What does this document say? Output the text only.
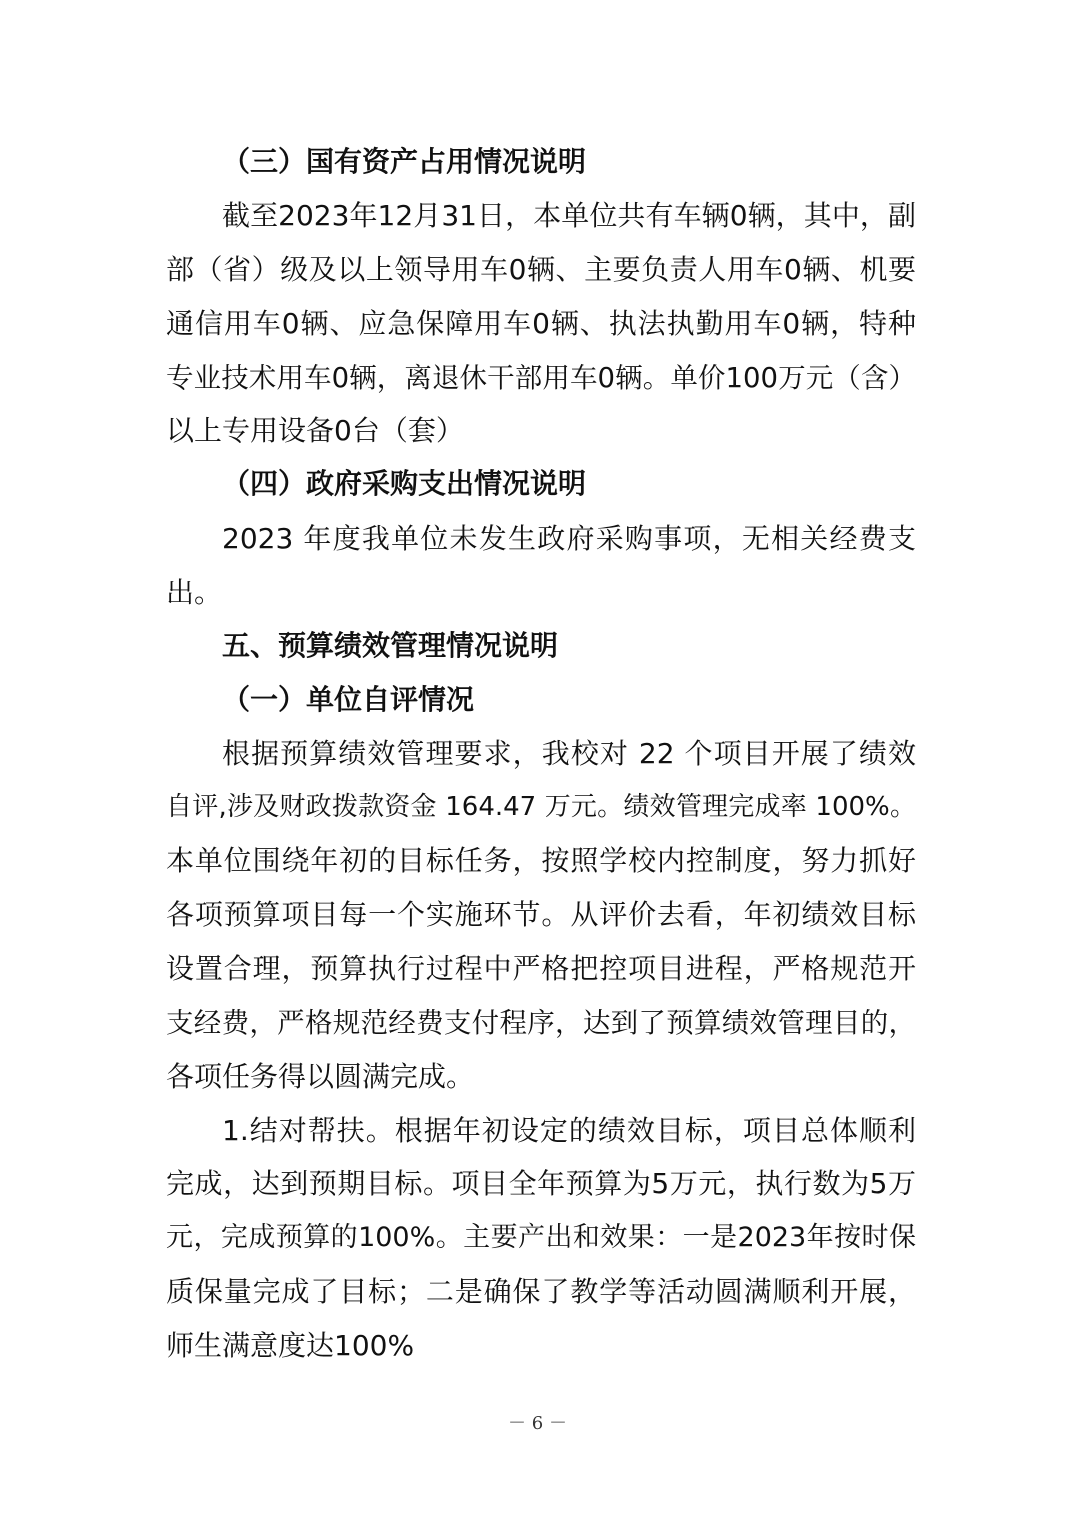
（三）国有资产占用情况说明
截至2023年12月31日，本单位共有车辆0辆，其中，副
部（省）级及以上领导用车0辆、主要负责人用车0辆、机要
通信用车0辆、应急保障用车0辆、执法执勤用车0辆，特种
专业技术用车0辆，离退休干部用车0辆。单价100万元（含）
以上专用设备0台（套）
（四）政府采购支出情况说明
2023 年度我单位未发生政府采购事项，无相关经费支
出。
五、预算绩效管理情况说明
（一）单位自评情况
根据预算绩效管理要求，我校对 22 个项目开展了绩效
自评,涉及财政拨款资金 164.47 万元。绩效管理完成率 100%。
本单位围绕年初的目标任务，按照学校内控制度，努力抓好
各项预算项目每一个实施环节。从评价去看，年初绩效目标
设置合理，预算执行过程中严格把控项目进程，严格规范开
支经费，严格规范经费支付程序，达到了预算绩效管理目的，
各项任务得以圆满完成。
1.结对帮扶。根据年初设定的绩效目标，项目总体顺利
完成，达到预期目标。项目全年预算为5万元，执行数为5万
元，完成预算的100%。主要产出和效果：一是2023年按时保
质保量完成了目标；二是确保了教学等活动圆满顺利开展，
师生满意度达100%
－ 6 －
